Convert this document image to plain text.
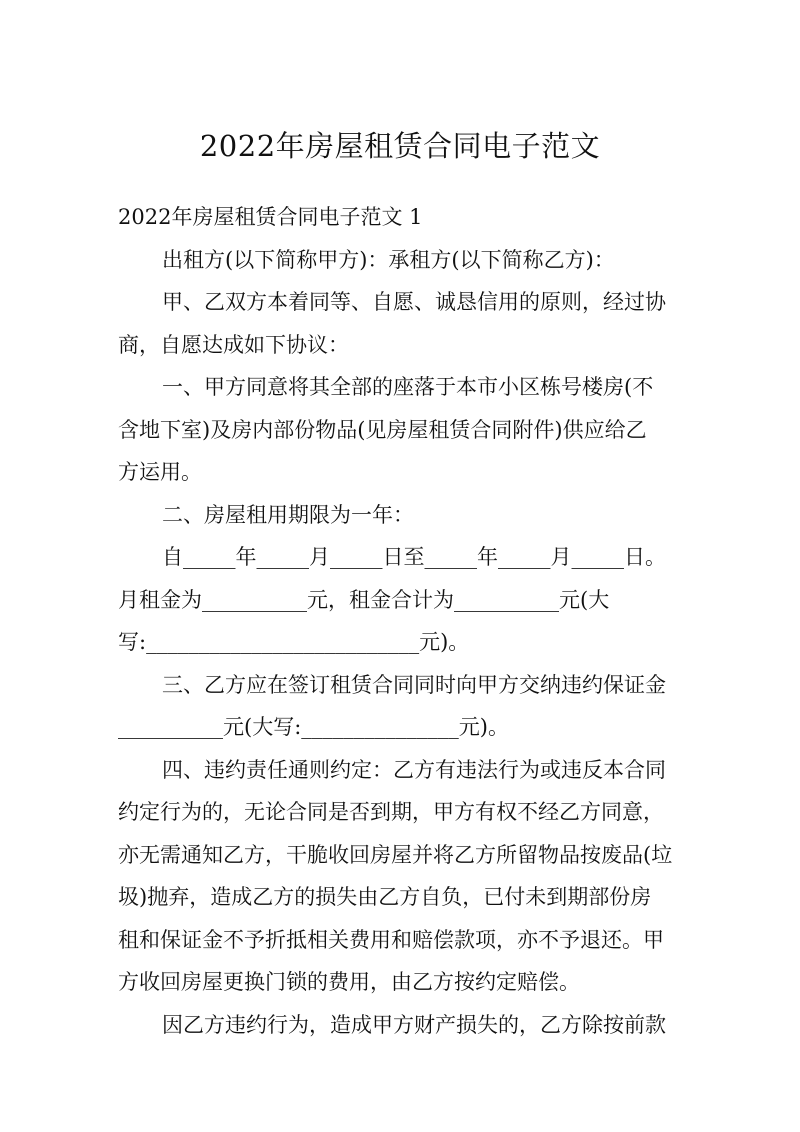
2022年房屋租赁合同电子范文
2022年房屋租赁合同电子范文 1
出租方(以下简称甲方)：承租方(以下简称乙方)：
甲、乙双方本着同等、自愿、诚恳信用的原则，经过协
商，自愿达成如下协议：
一、甲方同意将其全部的座落于本市小区栋号楼房(不
含地下室)及房内部份物品(见房屋租赁合同附件)供应给乙
方运用。
二、房屋租用期限为一年：
自_____年_____月_____日至_____年_____月_____日。
月租金为__________元，租金合计为__________元(大
写:__________________________元)。
三、乙方应在签订租赁合同同时向甲方交纳违约保证金
__________元(大写:_______________元)。
四、违约责任通则约定：乙方有违法行为或违反本合同
约定行为的，无论合同是否到期，甲方有权不经乙方同意，
亦无需通知乙方，干脆收回房屋并将乙方所留物品按废品(垃
圾)抛弃，造成乙方的损失由乙方自负，已付未到期部份房
租和保证金不予折抵相关费用和赔偿款项，亦不予退还。甲
方收回房屋更换门锁的费用，由乙方按约定赔偿。
因乙方违约行为，造成甲方财产损失的，乙方除按前款
